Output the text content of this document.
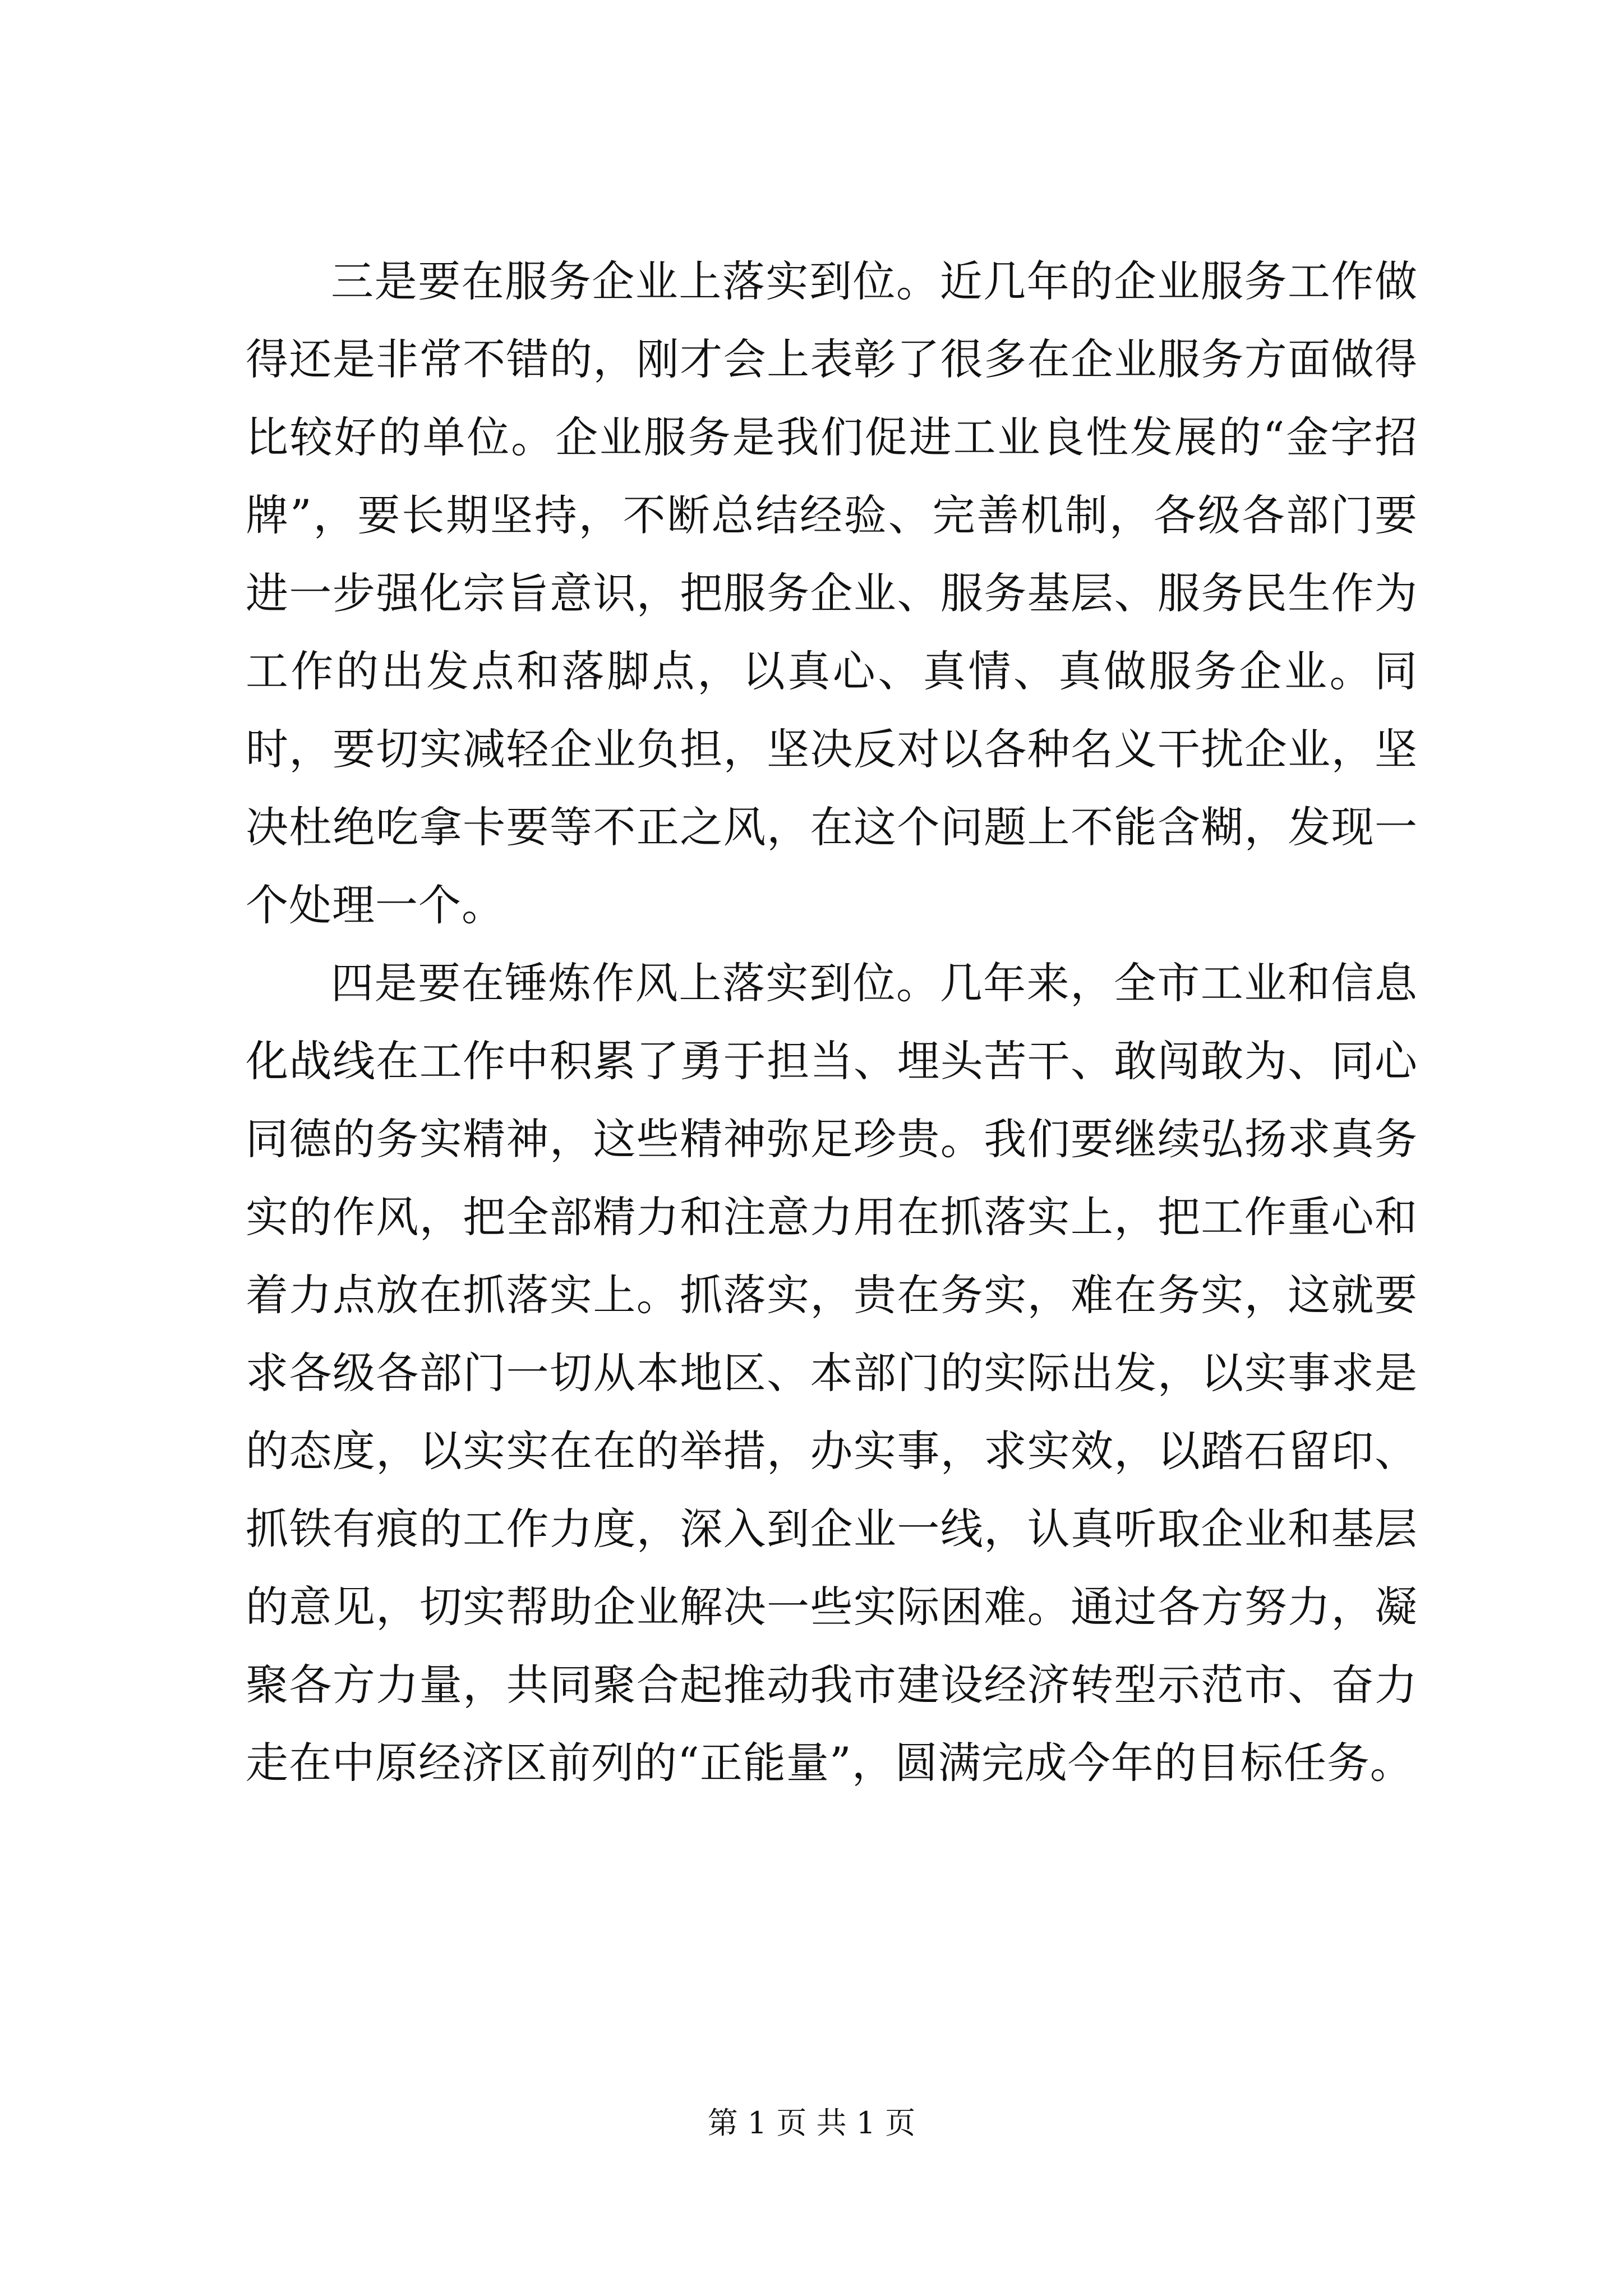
三是要在服务企业上落实到位。近几年的企业服务工作做得还是非常不错的，刚才会上表彰了很多在企业服务方面做得比较好的单位。企业服务是我们促进工业良性发展的“金字招牌”，要长期坚持，不断总结经验、完善机制，各级各部门要进一步强化宗旨意识，把服务企业、服务基层、服务民生作为工作的出发点和落脚点，以真心、真情、真做服务企业。同时，要切实减轻企业负担，坚决反对以各种名义干扰企业，坚决杜绝吃拿卡要等不正之风，在这个问题上不能含糊，发现一个处理一个。

四是要在锤炼作风上落实到位。几年来，全市工业和信息化战线在工作中积累了勇于担当、埋头苦干、敢闯敢为、同心同德的务实精神，这些精神弥足珍贵。我们要继续弘扬求真务实的作风，把全部精力和注意力用在抓落实上，把工作重心和着力点放在抓落实上。抓落实，贵在务实，难在务实，这就要求各级各部门一切从本地区、本部门的实际出发，以实事求是的态度，以实实在在的举措，办实事，求实效，以踏石留印、抓铁有痕的工作力度，深入到企业一线，认真听取企业和基层的意见，切实帮助企业解决一些实际困难。通过各方努力，凝聚各方力量，共同聚合起推动我市建设经济转型示范市、奋力走在中原经济区前列的“正能量”，圆满完成今年的目标任务。

第 1 页 共 1 页
